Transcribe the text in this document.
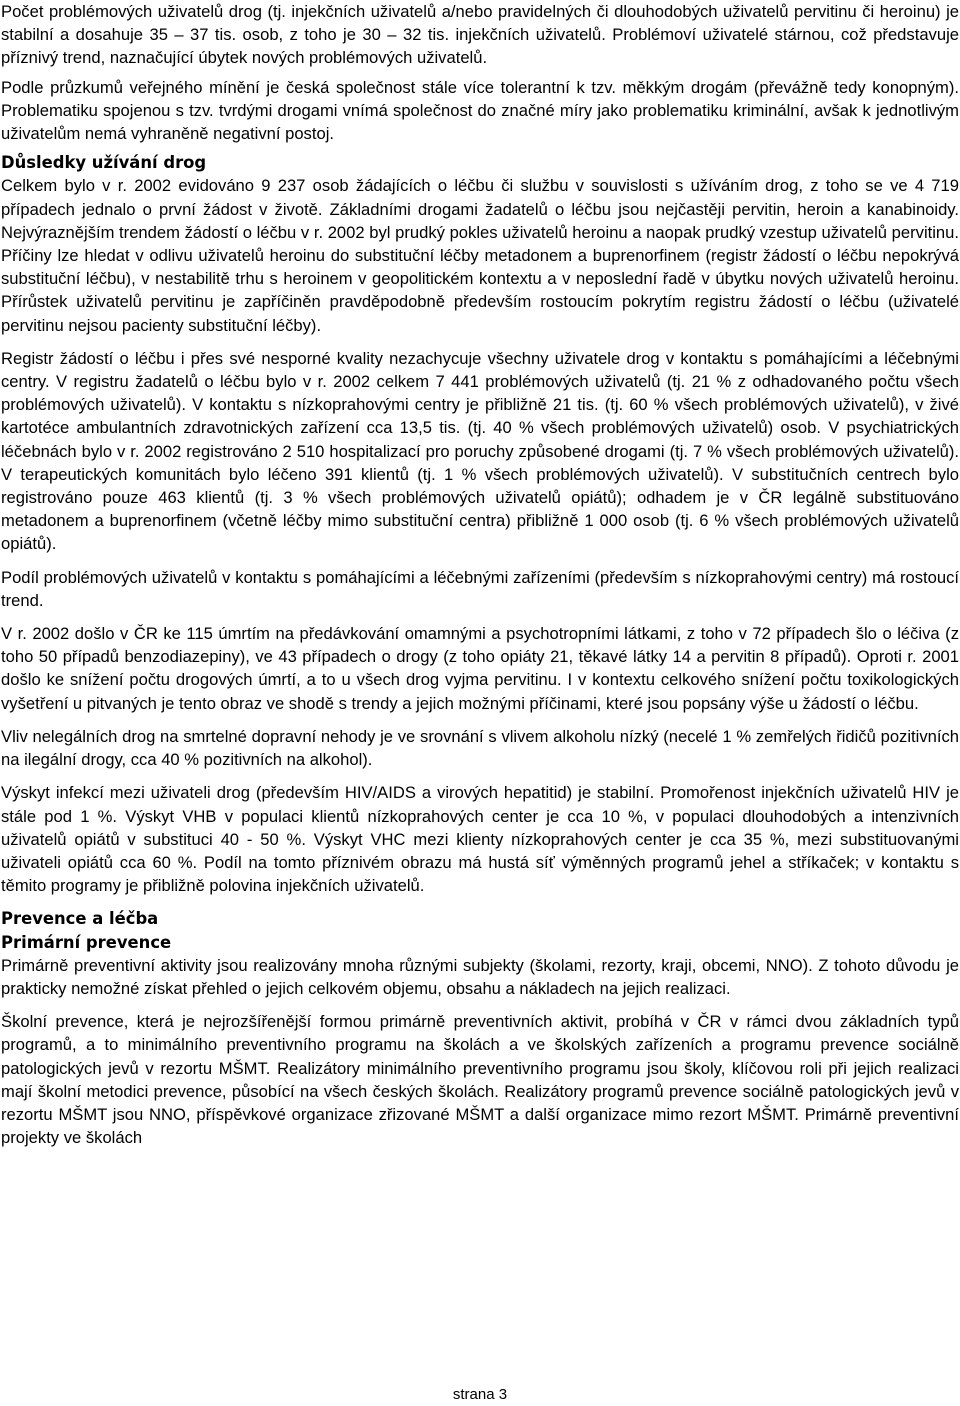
Počet problémových uživatelů drog (tj. injekčních uživatelů a/nebo pravidelných či dlouhodobých uživatelů pervitinu či heroinu) je stabilní a dosahuje 35 – 37 tis. osob, z toho je 30 – 32 tis. injekčních uživatelů. Problémoví uživatelé stárnou, což představuje příznivý trend, naznačující úbytek nových problémových uživatelů.

Podle průzkumů veřejného mínění je česká společnost stále více tolerantní k tzv. měkkým drogám (převážně tedy konopným). Problematiku spojenou s tzv. tvrdými drogami vnímá společnost do značné míry jako problematiku kriminální, avšak k jednotlivým uživatelům nemá vyhraněně negativní postoj.

Důsledky užívání drog

Celkem bylo v r. 2002 evidováno 9 237 osob žádajících o léčbu či službu v souvislosti s užíváním drog, z toho se ve 4 719 případech jednalo o první žádost v životě. Základními drogami žadatelů o léčbu jsou nejčastěji pervitin, heroin a kanabinoidy. Nejvýraznějším trendem žádostí o léčbu v r. 2002 byl prudký pokles uživatelů heroinu a naopak prudký vzestup uživatelů pervitinu. Příčiny lze hledat v odlivu uživatelů heroinu do substituční léčby metadonem a buprenorfinem (registr žádostí o léčbu nepokrývá substituční léčbu), v nestabilitě trhu s heroinem v geopolitickém kontextu a v neposlední řadě v úbytku nových uživatelů heroinu. Přírůstek uživatelů pervitinu je zapříčiněn pravděpodobně především rostoucím pokrytím registru žádostí o léčbu (uživatelé pervitinu nejsou pacienty substituční léčby).

Registr žádostí o léčbu i přes své nesporné kvality nezachycuje všechny uživatele drog v kontaktu s pomáhajícími a léčebnými centry. V registru žadatelů o léčbu bylo v r. 2002 celkem 7 441 problémových uživatelů (tj. 21 % z odhadovaného počtu všech problémových uživatelů). V kontaktu s nízkoprahovými centry je přibližně 21 tis. (tj. 60 % všech problémových uživatelů), v živé kartotéce ambulantních zdravotnických zařízení cca 13,5 tis. (tj. 40 % všech problémových uživatelů) osob. V psychiatrických léčebnách bylo v r. 2002 registrováno 2 510 hospitalizací pro poruchy způsobené drogami (tj. 7 % všech problémových uživatelů). V terapeutických komunitách bylo léčeno 391 klientů (tj. 1 % všech problémových uživatelů). V substitučních centrech bylo registrováno pouze 463 klientů (tj. 3 % všech problémových uživatelů opiátů); odhadem je v ČR legálně substituováno metadonem a buprenorfinem (včetně léčby mimo substituční centra) přibližně 1 000 osob (tj. 6 % všech problémových uživatelů opiátů).

Podíl problémových uživatelů v kontaktu s pomáhajícími a léčebnými zařízeními (především s nízkoprahovými centry) má rostoucí trend.

V r. 2002 došlo v ČR ke 115 úmrtím na předávkování omamnými a psychotropními látkami, z toho v 72 případech šlo o léčiva (z toho 50 případů benzodiazepiny), ve 43 případech o drogy (z toho opiáty 21, těkavé látky 14 a pervitin 8 případů). Oproti r. 2001 došlo ke snížení počtu drogových úmrtí, a to u všech drog vyjma pervitinu. I v kontextu celkového snížení počtu toxikologických vyšetření u pitvaných je tento obraz ve shodě s trendy a jejich možnými příčinami, které jsou popsány výše u žádostí o léčbu.

Vliv nelegálních drog na smrtelné dopravní nehody je ve srovnání s vlivem alkoholu nízký (necelé 1 % zemřelých řidičů pozitivních na ilegální drogy, cca 40 % pozitivních na alkohol).

Výskyt infekcí mezi uživateli drog (především HIV/AIDS a virových hepatitid) je stabilní. Promořenost injekčních uživatelů HIV je stále pod 1 %. Výskyt VHB v populaci klientů nízkoprahových center je cca 10 %, v populaci dlouhodobých a intenzivních uživatelů opiátů v substituci 40 - 50 %. Výskyt VHC mezi klienty nízkoprahových center je cca 35 %, mezi substituovanými uživateli opiátů cca 60 %. Podíl na tomto příznivém obrazu má hustá síť výměnných programů jehel a stříkaček; v kontaktu s těmito programy je přibližně polovina injekčních uživatelů.

Prevence a léčba
Primární prevence

Primárně preventivní aktivity jsou realizovány mnoha různými subjekty (školami, rezorty, kraji, obcemi, NNO). Z tohoto důvodu je prakticky nemožné získat přehled o jejich celkovém objemu, obsahu a nákladech na jejich realizaci.

Školní prevence, která je nejrozšířenější formou primárně preventivních aktivit, probíhá v ČR v rámci dvou základních typů programů, a to minimálního preventivního programu na školách a ve školských zařízeních a programu prevence sociálně patologických jevů v rezortu MŠMT. Realizátory minimálního preventivního programu jsou školy, klíčovou roli při jejich realizaci mají školní metodici prevence, působící na všech českých školách. Realizátory programů prevence sociálně patologických jevů v rezortu MŠMT jsou NNO, příspěvkové organizace zřizované MŠMT a další organizace mimo rezort MŠMT. Primárně preventivní projekty ve školách

strana 3
